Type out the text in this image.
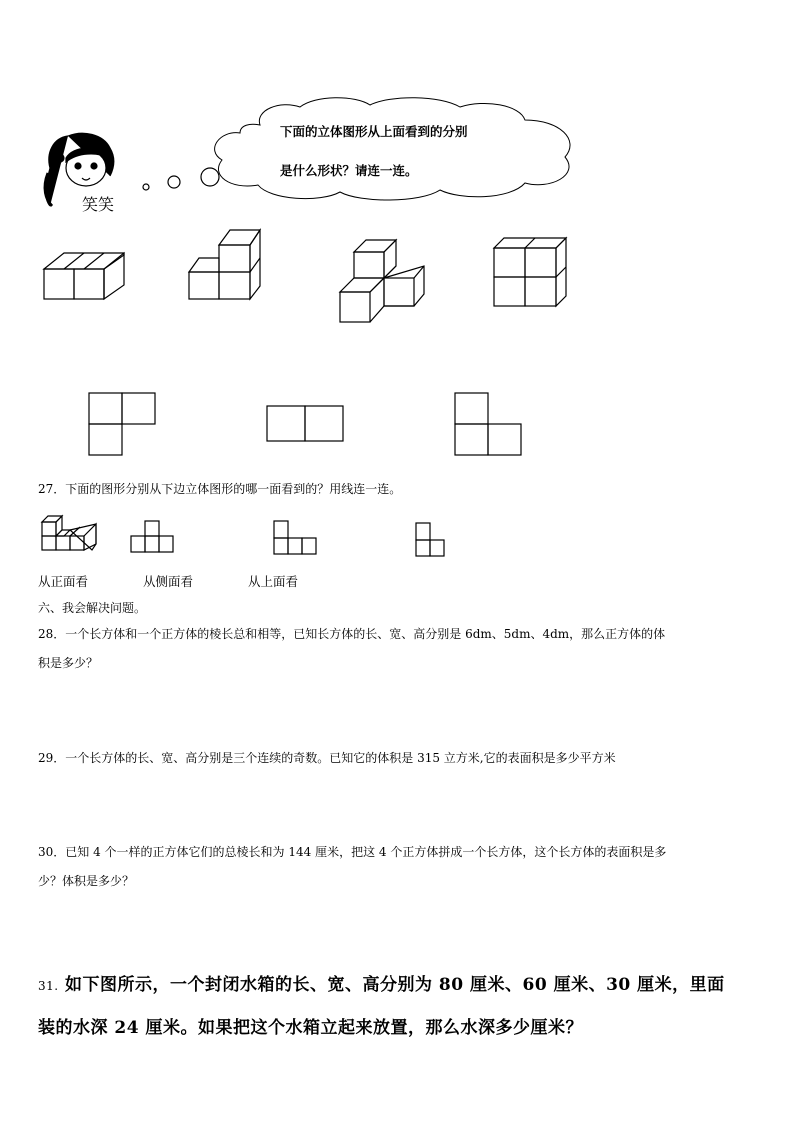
笑笑
下面的立体图形从上面看到的分别
是什么形状？请连一连。
27．下面的图形分别从下边立体图形的哪一面看到的？用线连一连。
从正面看	从侧面看	从上面看
六、我会解决问题。
28．一个长方体和一个正方体的棱长总和相等，已知长方体的长、宽、高分别是 6dm、5dm、4dm，那么正方体的体
积是多少？
29．一个长方体的长、宽、高分别是三个连续的奇数。已知它的体积是 315 立方米,它的表面积是多少平方米
30．已知 4 个一样的正方体它们的总棱长和为 144 厘米，把这 4 个正方体拼成一个长方体，这个长方体的表面积是多
少？体积是多少？
31. 如下图所示，一个封闭水箱的长、宽、高分别为 80 厘米、60 厘米、30 厘米，里面
装的水深 24 厘米。如果把这个水箱立起来放置，那么水深多少厘米？
